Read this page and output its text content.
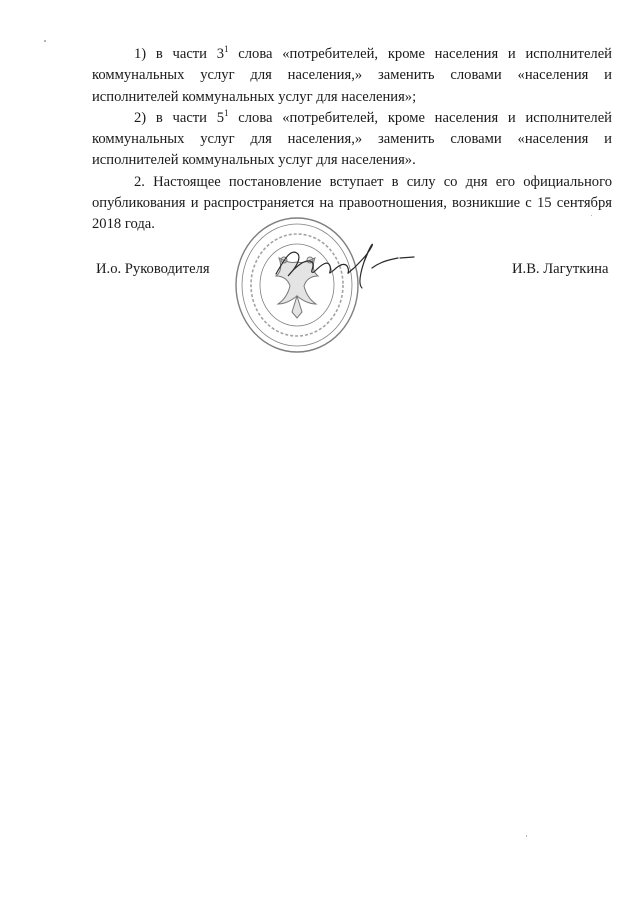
1) в части $3^1$ слова «потребителей, кроме населения и исполнителей коммунальных услуг для населения,» заменить словами «населения и исполнителей коммунальных услуг для населения»;

2) в части $5^1$ слова «потребителей, кроме населения и исполнителей коммунальных услуг для населения,» заменить словами «населения и исполнителей коммунальных услуг для населения».

2. Настоящее постановление вступает в силу со дня его официального опубликования и распространяется на правоотношения, возникшие с 15 сентября 2018 года.

И.о. Руководителя	И.В. Лагуткина
